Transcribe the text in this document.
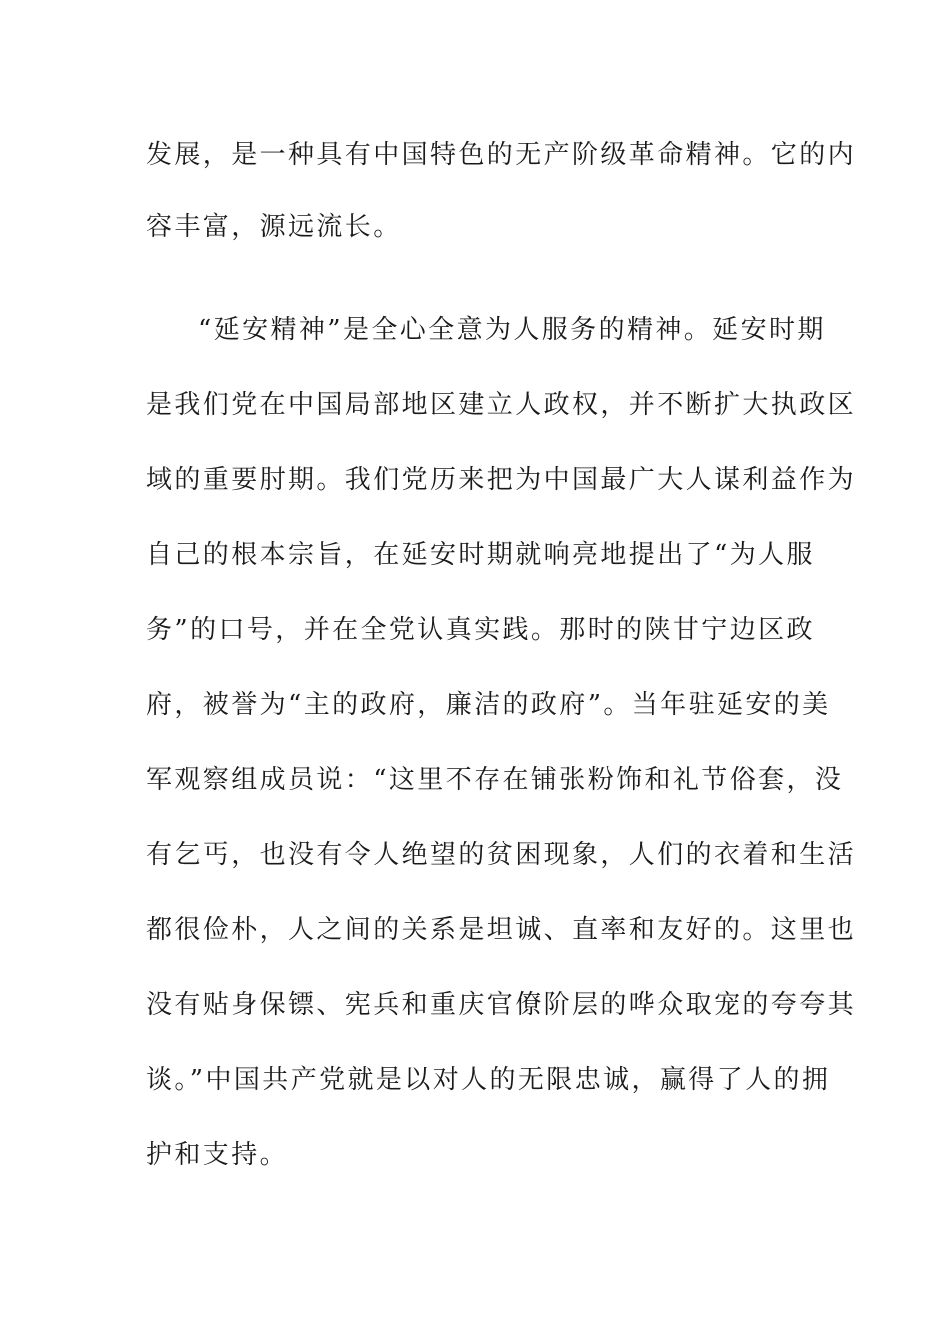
发展，是一种具有中国特色的无产阶级革命精神。它的内
容丰富，源远流长。
“延安精神”是全心全意为人服务的精神。延安时期
是我们党在中国局部地区建立人政权，并不断扩大执政区
域的重要肘期。我们党历来把为中国最广大人谋利益作为
自己的根本宗旨，在延安时期就响亮地提出了“为人服
务”的口号，并在全党认真实践。那时的陕甘宁边区政
府，被誉为“主的政府，廉洁的政府”。当年驻延安的美
军观察组成员说：“这里不存在铺张粉饰和礼节俗套，没
有乞丐，也没有令人绝望的贫困现象，人们的衣着和生活
都很俭朴，人之间的关系是坦诚、直率和友好的。这里也
没有贴身保镖、宪兵和重庆官僚阶层的哗众取宠的夸夸其
谈。”中国共产党就是以对人的无限忠诚，赢得了人的拥
护和支持。
